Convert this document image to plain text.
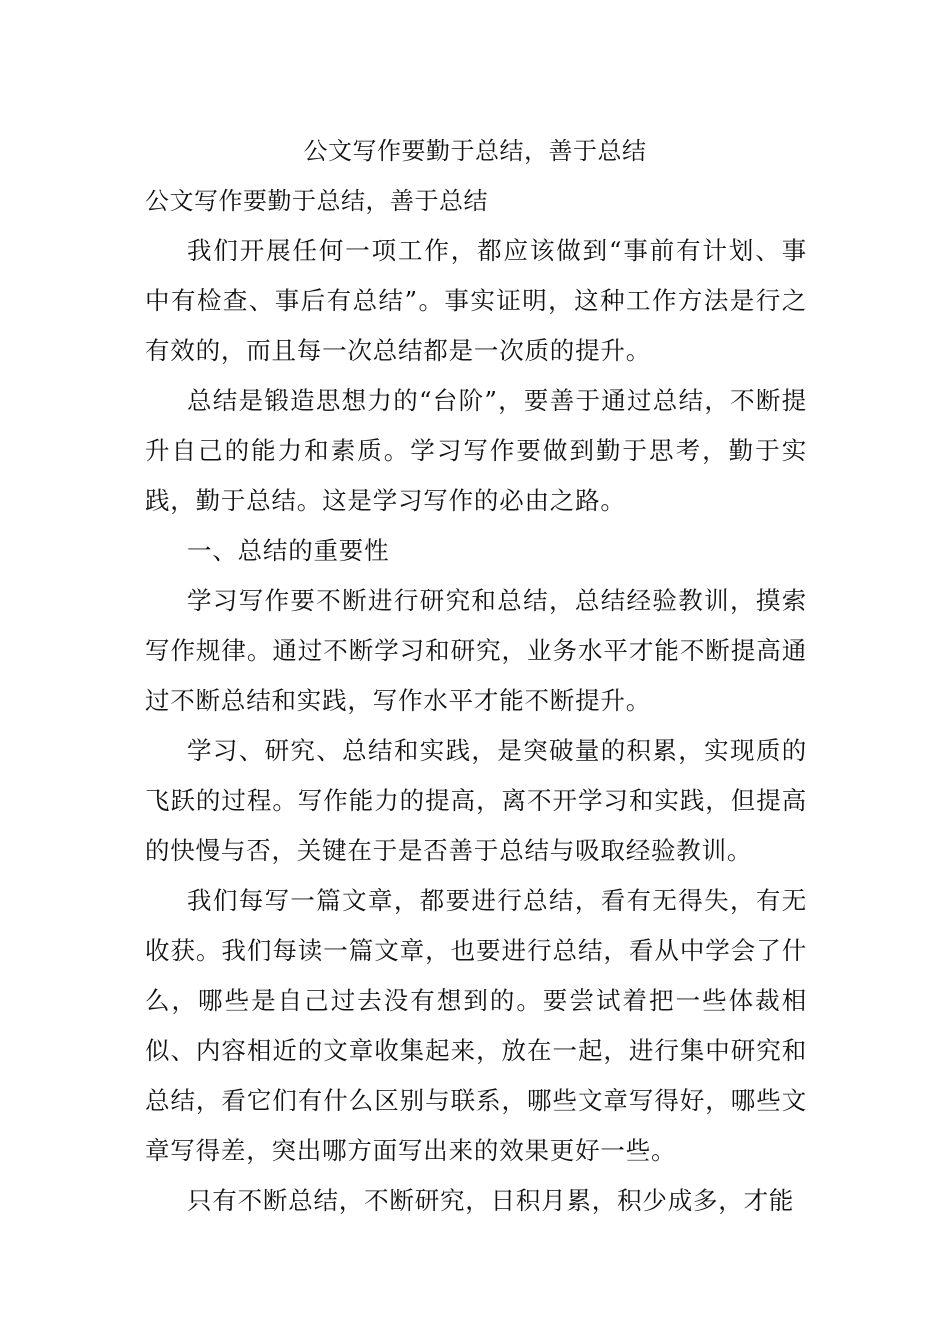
公文写作要勤于总结，善于总结
公文写作要勤于总结，善于总结

我们开展任何一项工作，都应该做到“事前有计划、事中有检查、事后有总结”。事实证明，这种工作方法是行之有效的，而且每一次总结都是一次质的提升。

总结是锻造思想力的“台阶”，要善于通过总结，不断提升自己的能力和素质。学习写作要做到勤于思考，勤于实践，勤于总结。这是学习写作的必由之路。

一、总结的重要性

学习写作要不断进行研究和总结，总结经验教训，摸索写作规律。通过不断学习和研究，业务水平才能不断提高通过不断总结和实践，写作水平才能不断提升。

学习、研究、总结和实践，是突破量的积累，实现质的飞跃的过程。写作能力的提高，离不开学习和实践，但提高的快慢与否，关键在于是否善于总结与吸取经验教训。

我们每写一篇文章，都要进行总结，看有无得失，有无收获。我们每读一篇文章，也要进行总结，看从中学会了什么，哪些是自己过去没有想到的。要尝试着把一些体裁相似、内容相近的文章收集起来，放在一起，进行集中研究和总结，看它们有什么区别与联系，哪些文章写得好，哪些文章写得差，突出哪方面写出来的效果更好一些。

只有不断总结，不断研究，日积月累，积少成多，才能
